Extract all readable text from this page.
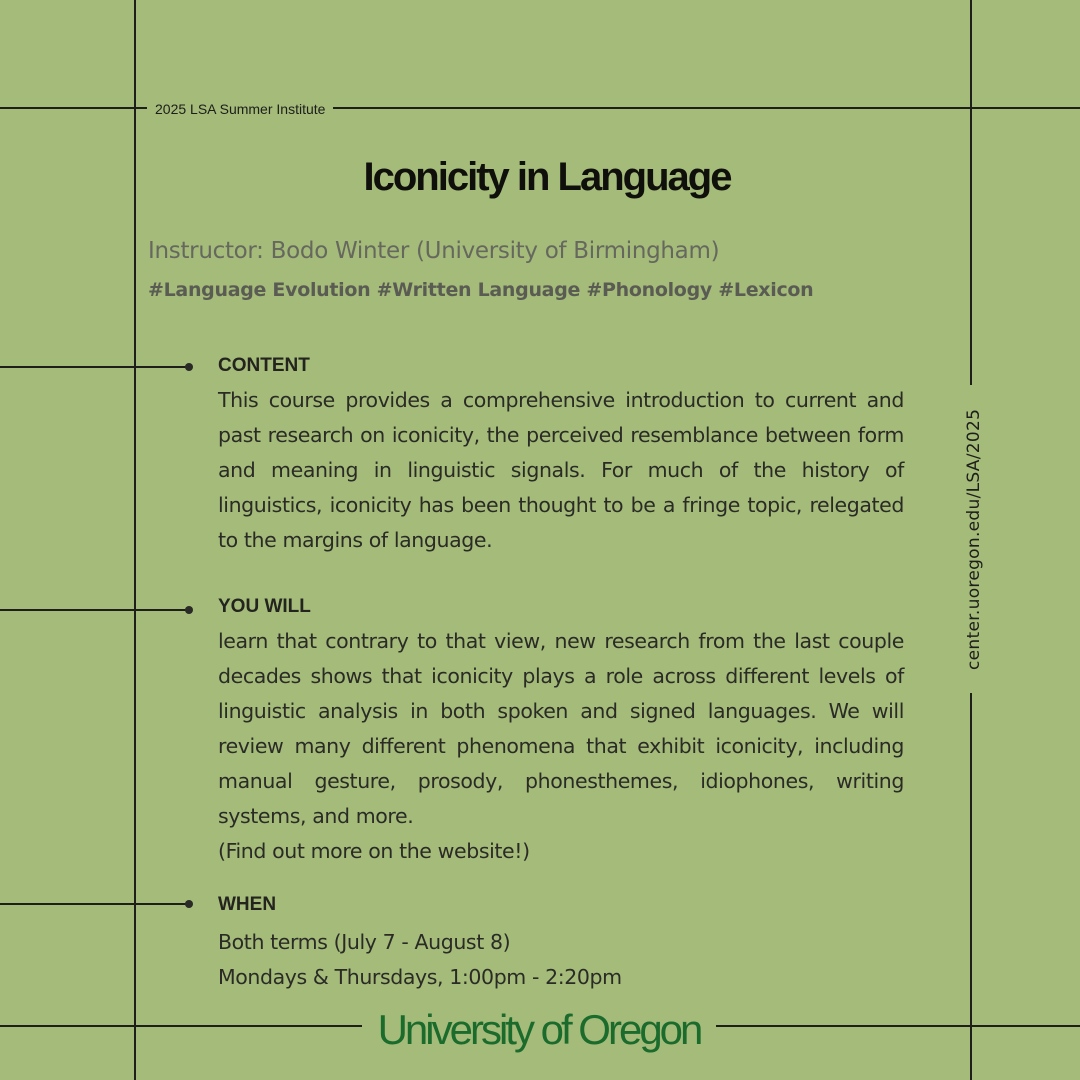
2025 LSA Summer Institute
Iconicity in Language
Instructor: Bodo Winter (University of Birmingham)
#Language Evolution #Written Language #Phonology #Lexicon
CONTENT
This course provides a comprehensive introduction to current and past research on iconicity, the perceived resemblance between form and meaning in linguistic signals. For much of the history of linguistics, iconicity has been thought to be a fringe topic, relegated to the margins of language.
YOU WILL
learn that contrary to that view, new research from the last couple decades shows that iconicity plays a role across different levels of linguistic analysis in both spoken and signed languages. We will review many different phenomena that exhibit iconicity, including manual gesture, prosody, phonesthemes, idiophones, writing systems, and more.
(Find out more on the website!)
WHEN
Both terms (July 7 - August 8)
Mondays & Thursdays, 1:00pm - 2:20pm
center.uoregon.edu/LSA/2025
University of Oregon
